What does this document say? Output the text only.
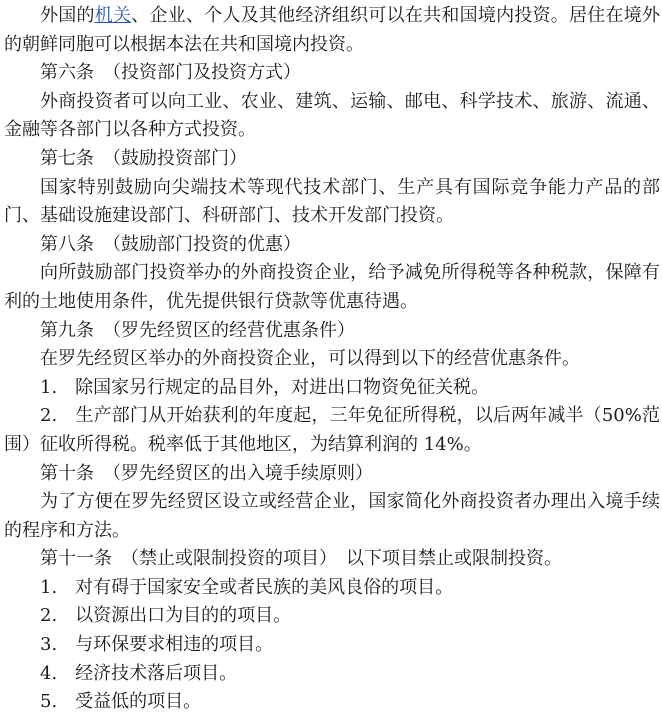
外国的机关、企业、个人及其他经济组织可以在共和国境内投资。居住在境外的朝鲜同胞可以根据本法在共和国境内投资。

第六条　（投资部门及投资方式）

外商投资者可以向工业、农业、建筑、运输、邮电、科学技术、旅游、流通、金融等各部门以各种方式投资。

第七条　（鼓励投资部门）

国家特别鼓励向尖端技术等现代技术部门、生产具有国际竞争能力产品的部门、基础设施建设部门、科研部门、技术开发部门投资。

第八条　（鼓励部门投资的优惠）

向所鼓励部门投资举办的外商投资企业，给予减免所得税等各种税款，保障有利的土地使用条件，优先提供银行贷款等优惠待遇。

第九条　（罗先经贸区的经营优惠条件）

在罗先经贸区举办的外商投资企业，可以得到以下的经营优惠条件。

1.　除国家另行规定的品目外，对进出口物资免征关税。

2.　生产部门从开始获利的年度起，三年免征所得税，以后两年减半（50%范围）征收所得税。税率低于其他地区，为结算利润的 14%。

第十条　（罗先经贸区的出入境手续原则）

为了方便在罗先经贸区设立或经营企业，国家简化外商投资者办理出入境手续的程序和方法。

第十一条　（禁止或限制投资的项目）　以下项目禁止或限制投资。

1.　对有碍于国家安全或者民族的美风良俗的项目。

2.　以资源出口为目的的项目。

3.　与环保要求相违的项目。

4.　经济技术落后项目。

5.　受益低的项目。
